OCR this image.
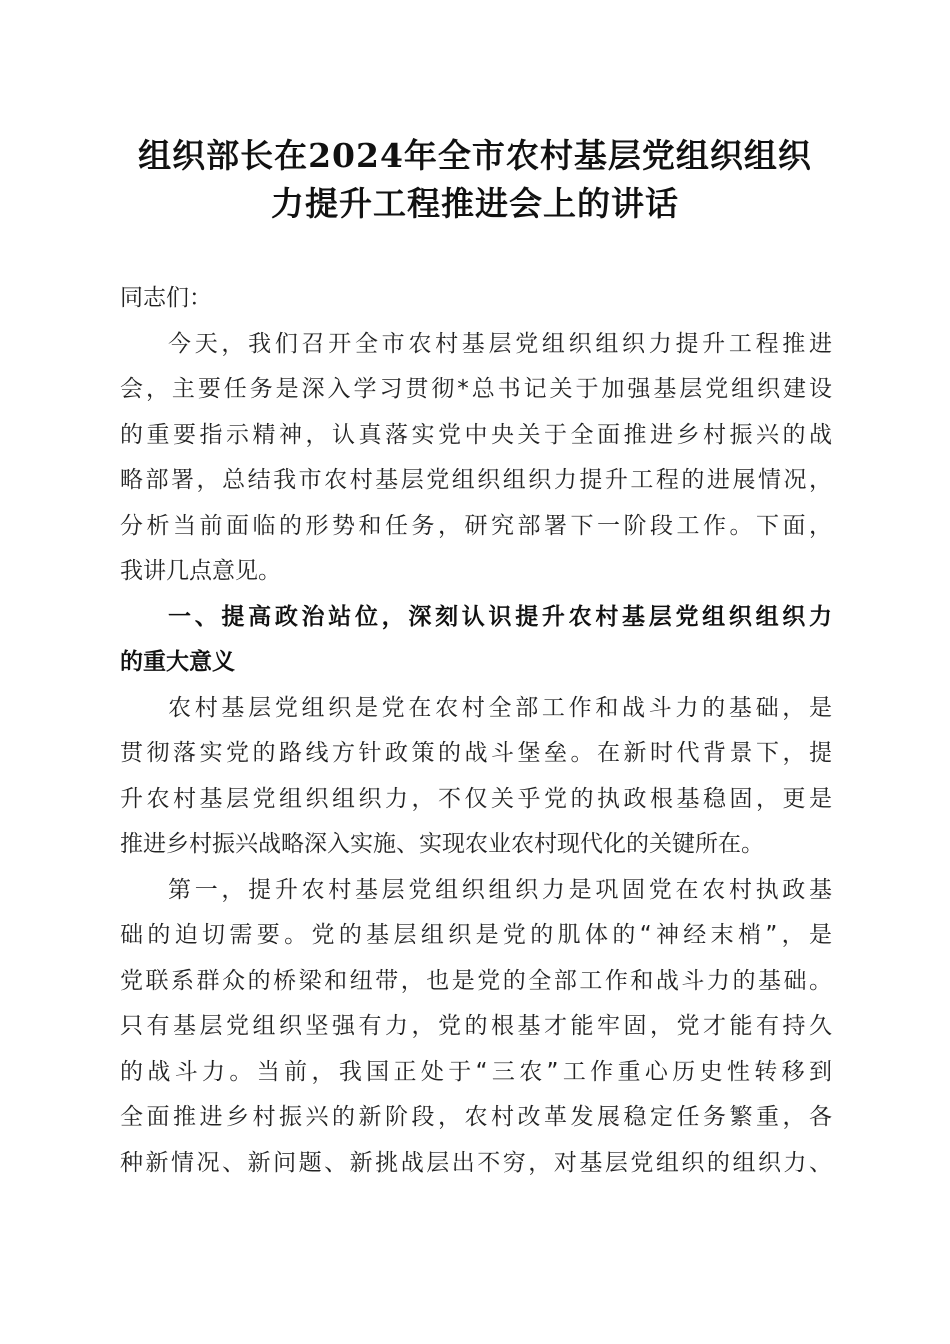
组织部长在2024年全市农村基层党组织组织
力提升工程推进会上的讲话
同志们：
今天，我们召开全市农村基层党组织组织力提升工程推进
会，主要任务是深入学习贯彻*总书记关于加强基层党组织建设
的重要指示精神，认真落实党中央关于全面推进乡村振兴的战
略部署，总结我市农村基层党组织组织力提升工程的进展情况，
分析当前面临的形势和任务，研究部署下一阶段工作。下面，
我讲几点意见。
一、提高政治站位，深刻认识提升农村基层党组织组织力
的重大意义
农村基层党组织是党在农村全部工作和战斗力的基础，是
贯彻落实党的路线方针政策的战斗堡垒。在新时代背景下，提
升农村基层党组织组织力，不仅关乎党的执政根基稳固，更是
推进乡村振兴战略深入实施、实现农业农村现代化的关键所在。
第一，提升农村基层党组织组织力是巩固党在农村执政基
础的迫切需要。党的基层组织是党的肌体的“神经末梢”，是
党联系群众的桥梁和纽带，也是党的全部工作和战斗力的基础。
只有基层党组织坚强有力，党的根基才能牢固，党才能有持久
的战斗力。当前，我国正处于“三农”工作重心历史性转移到
全面推进乡村振兴的新阶段，农村改革发展稳定任务繁重，各
种新情况、新问题、新挑战层出不穷，对基层党组织的组织力、
